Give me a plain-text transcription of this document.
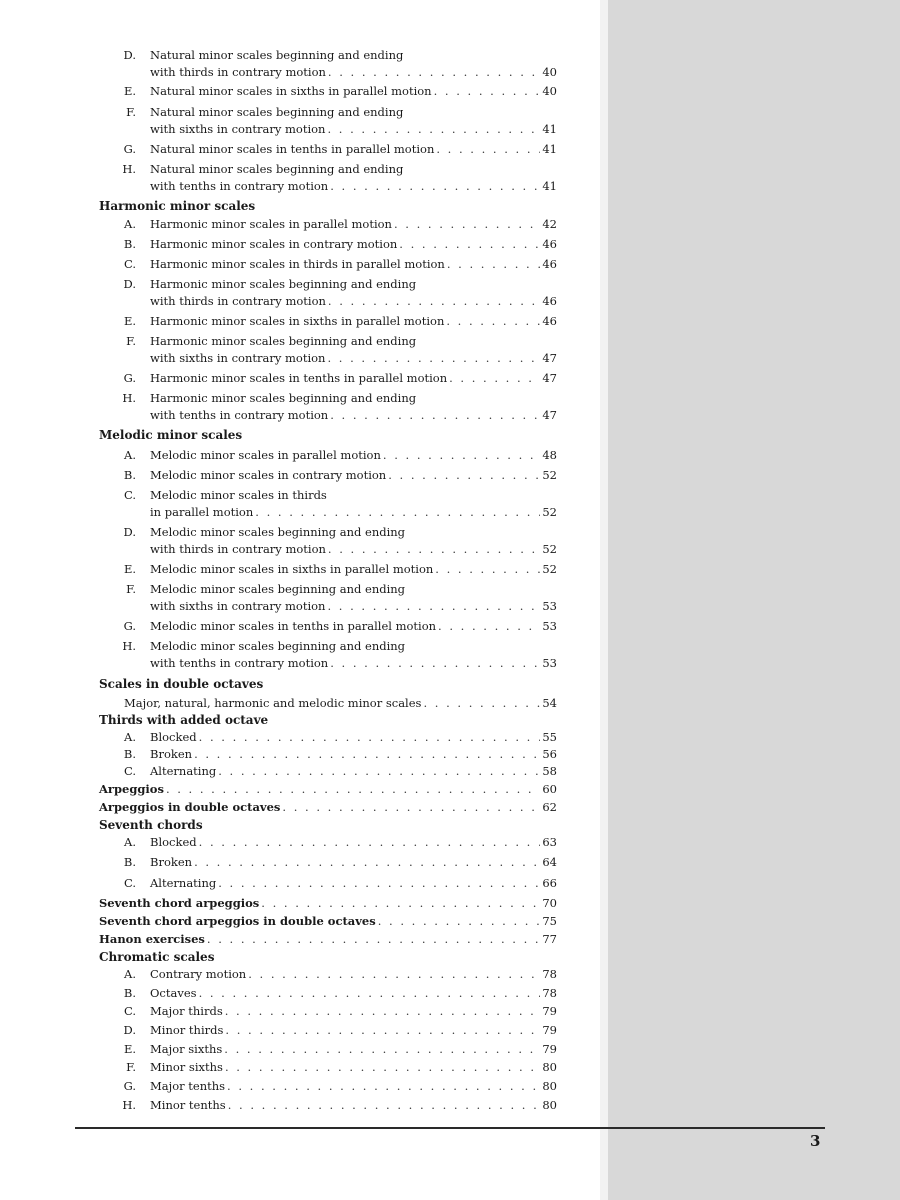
D. Natural minor scales beginning and ending
with thirds in contrary motion . . .	40
E. Natural minor scales in sixths in parallel motion . . .	40
F. Natural minor scales beginning and ending
with sixths in contrary motion . . .	41
G. Natural minor scales in tenths in parallel motion . . .	41
H. Natural minor scales beginning and ending
with tenths in contrary motion . . .	41
Harmonic minor scales
A. Harmonic minor scales in parallel motion . . .	42
B. Harmonic minor scales in contrary motion . . .	46
C. Harmonic minor scales in thirds in parallel motion . . .	46
D. Harmonic minor scales beginning and ending
with thirds in contrary motion . . .	46
E. Harmonic minor scales in sixths in parallel motion . . .	46
F. Harmonic minor scales beginning and ending
with sixths in contrary motion . . .	47
G. Harmonic minor scales in tenths in parallel motion . . .	47
H. Harmonic minor scales beginning and ending
with tenths in contrary motion . . .	47
Melodic minor scales
A. Melodic minor scales in parallel motion . . .	48
B. Melodic minor scales in contrary motion . . .	52
C. Melodic minor scales in thirds
in parallel motion . . .	52
D. Melodic minor scales beginning and ending
with thirds in contrary motion . . .	52
E. Melodic minor scales in sixths in parallel motion . . .	52
F. Melodic minor scales beginning and ending
with sixths in contrary motion . . .	53
G. Melodic minor scales in tenths in parallel motion . . .	53
H. Melodic minor scales beginning and ending
with tenths in contrary motion . . .	53
Scales in double octaves
Major, natural, harmonic and melodic minor scales . . .	54
Thirds with added octave
A. Blocked . . .	55
B. Broken . . .	56
C. Alternating . . .	58
Arpeggios . . .	60
Arpeggios in double octaves . . .	62
Seventh chords
A. Blocked . . .	63
B. Broken . . .	64
C. Alternating . . .	66
Seventh chord arpeggios . . .	70
Seventh chord arpeggios in double octaves . . .	75
Hanon exercises . . .	77
Chromatic scales
A. Contrary motion . . .	78
B. Octaves . . .	78
C. Major thirds . . .	79
D. Minor thirds . . .	79
E. Major sixths . . .	79
F. Minor sixths . . .	80
G. Major tenths . . .	80
H. Minor tenths . . .	80
3
